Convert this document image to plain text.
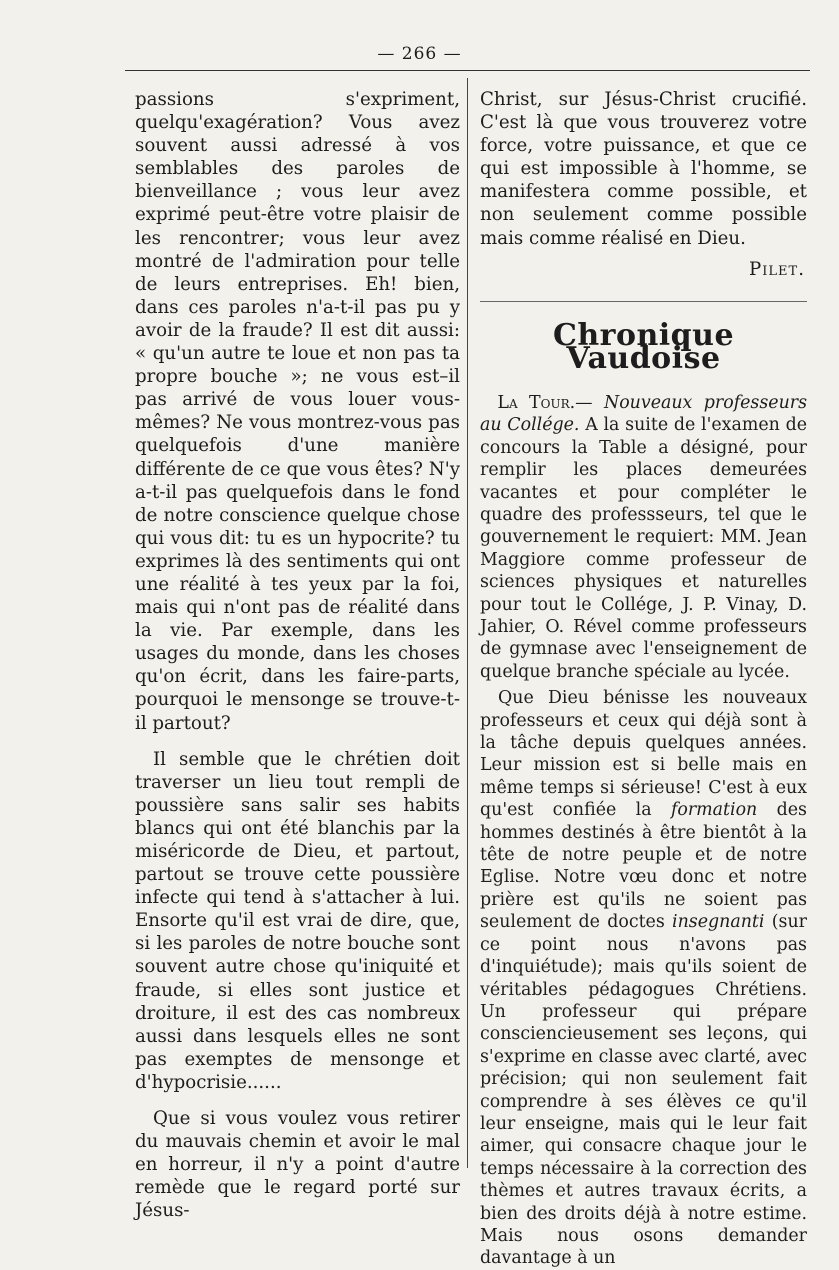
— 266 —

passions s'expriment, quelqu'exagération? Vous avez souvent aussi adressé à vos semblables des paroles de bienveillance ; vous leur avez exprimé peut-être votre plaisir de les rencontrer; vous leur avez montré de l'admiration pour telle de leurs entreprises. Eh! bien, dans ces paroles n'a-t-il pas pu y avoir de la fraude? Il est dit aussi: « qu'un autre te loue et non pas ta propre bouche »; ne vous est–il pas arrivé de vous louer vous-mêmes? Ne vous montrez-vous pas quelquefois d'une manière différente de ce que vous êtes? N'y a-t-il pas quelquefois dans le fond de notre conscience quelque chose qui vous dit: tu es un hypocrite? tu exprimes là des sentiments qui ont une réalité à tes yeux par la foi, mais qui n'ont pas de réalité dans la vie. Par exemple, dans les usages du monde, dans les choses qu'on écrit, dans les faire-parts, pourquoi le mensonge se trouve-t-il partout?

Il semble que le chrétien doit traverser un lieu tout rempli de poussière sans salir ses habits blancs qui ont été blanchis par la miséricorde de Dieu, et partout, partout se trouve cette poussière infecte qui tend à s'attacher à lui. Ensorte qu'il est vrai de dire, que, si les paroles de notre bouche sont souvent autre chose qu'iniquité et fraude, si elles sont justice et droiture, il est des cas nombreux aussi dans lesquels elles ne sont pas exemptes de mensonge et d'hypocrisie......

Que si vous voulez vous retirer du mauvais chemin et avoir le mal en horreur, il n'y a point d'autre remède que le regard porté sur Jésus-

Christ, sur Jésus-Christ crucifié. C'est là que vous trouverez votre force, votre puissance, et que ce qui est impossible à l'homme, se manifestera comme possible, et non seulement comme possible mais comme réalisé en Dieu.

Pilet.
Chronique Vaudoise

 La Tour.— Nouveaux professeurs au Collége. A la suite de l'examen de concours la Table a désigné, pour remplir les places demeurées vacantes et pour compléter le quadre des professseurs, tel que le gouvernement le requiert: MM. Jean Maggiore comme professeur de sciences physiques et naturelles pour tout le Collége, J. P. Vinay, D. Jahier, O. Rével comme professeurs de gymnase avec l'enseignement de quelque branche spéciale au lycée.

Que Dieu bénisse les nouveaux professeurs et ceux qui déjà sont à la tâche depuis quelques années. Leur mission est si belle mais en même temps si sérieuse! C'est à eux qu'est confiée la formation des hommes destinés à être bientôt à la tête de notre peuple et de notre Eglise. Notre vœu donc et notre prière est qu'ils ne soient pas seulement de doctes insegnanti (sur ce point nous n'avons pas d'inquiétude); mais qu'ils soient de véritables pédagogues Chrétiens. Un professeur qui prépare consciencieusement ses leçons, qui s'exprime en classe avec clarté, avec précision; qui non seulement fait comprendre à ses élèves ce qu'il leur enseigne, mais qui le leur fait aimer, qui consacre chaque jour le temps nécessaire à la correction des thèmes et autres travaux écrits, a bien des droits déjà à notre estime. Mais nous osons demander davantage à un
